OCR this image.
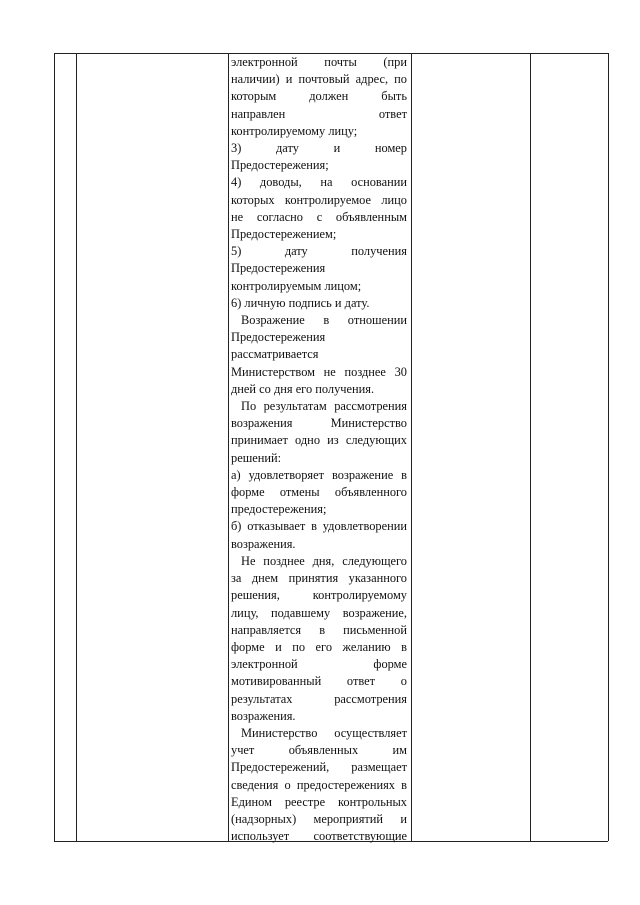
электронной почты (при

наличии) и почтовый адрес, по

которым должен быть

направлен ответ

контролируемому лицу;

3) дату и номер

Предостережения;

4) доводы, на основании

которых контролируемое лицо

не согласно с объявленным

Предостережением;

5) дату получения

Предостережения

контролируемым лицом;

6) личную подпись и дату.

Возражение в отношении

Предостережения

рассматривается

Министерством не позднее 30

дней со дня его получения.

По результатам рассмотрения

возражения Министерство

принимает одно из следующих

решений:

а) удовлетворяет возражение в

форме отмены объявленного

предостережения;

б) отказывает в удовлетворении

возражения.

Не позднее дня, следующего

за днем принятия указанного

решения, контролируемому

лицу, подавшему возражение,

направляется в письменной

форме и по его желанию в

электронной форме

мотивированный ответ о

результатах рассмотрения

возражения.

Министерство осуществляет

учет объявленных им

Предостережений, размещает

сведения о предостережениях в

Едином реестре контрольных

(надзорных) мероприятий и

использует соответствующие
